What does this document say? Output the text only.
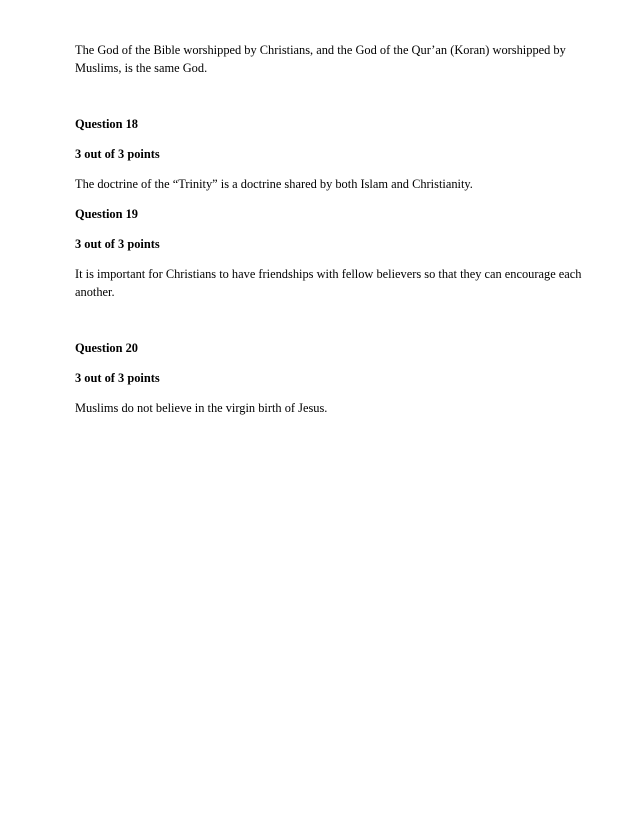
The God of the Bible worshipped by Christians, and the God of the Qur’an (Koran) worshipped by Muslims, is the same God.

Question 18

3 out of 3 points

The doctrine of the “Trinity” is a doctrine shared by both Islam and Christianity.

Question 19

3 out of 3 points

It is important for Christians to have friendships with fellow believers so that they can encourage each another.

Question 20

3 out of 3 points

Muslims do not believe in the virgin birth of Jesus.
